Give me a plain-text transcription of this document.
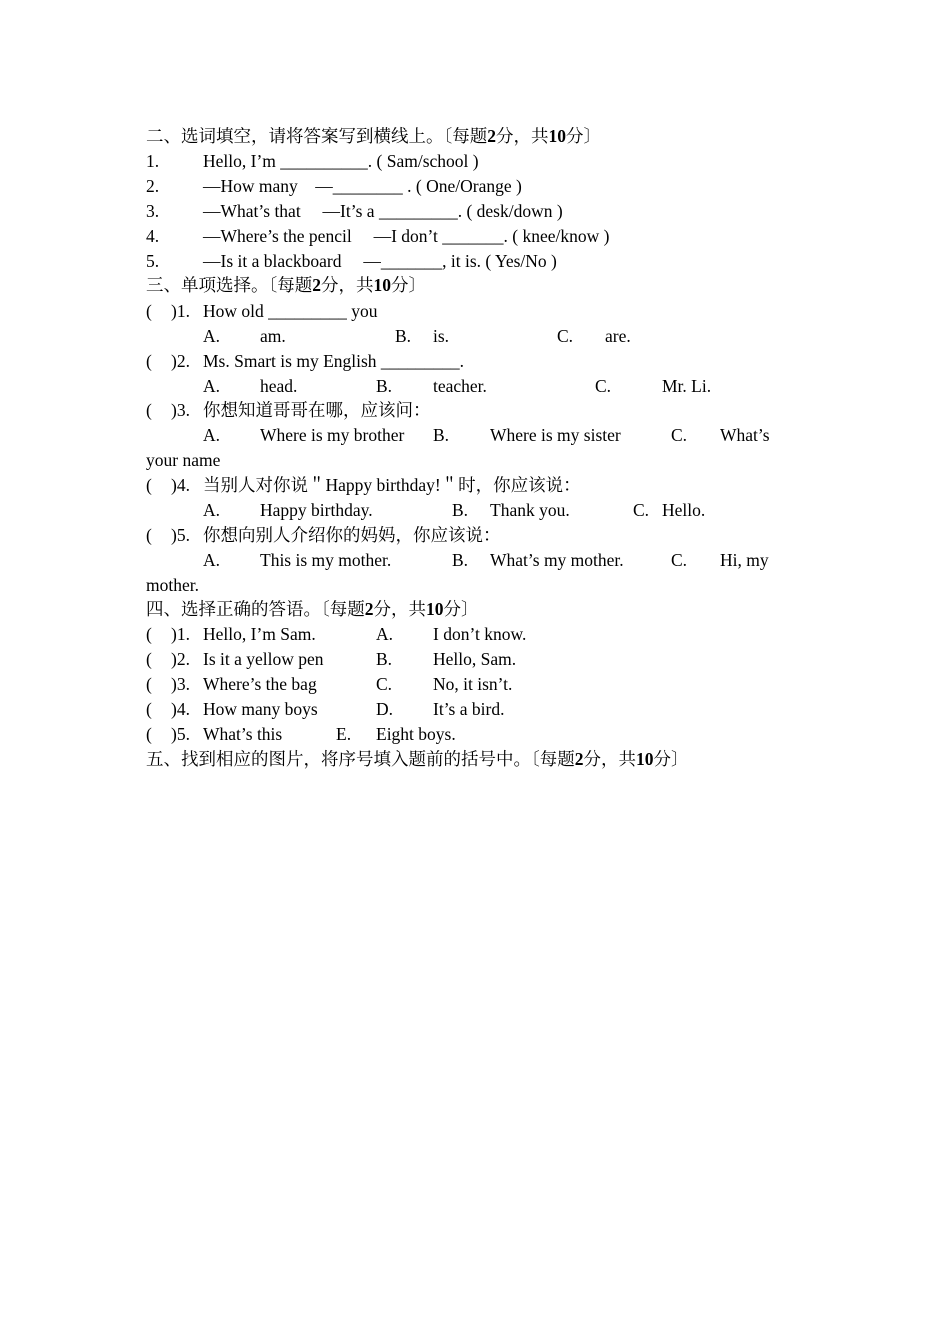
二、选词填空，请将答案写到横线上。〔每题2分，共10分〕
1.	Hello, I’m __________. ( Sam/school )
2.	—How many    —________ . ( One/Orange )
3.	—What’s that     —It’s a _________. ( desk/down )
4.	—Where’s the pencil     —I don’t _______. ( knee/know )
5.	—Is it a blackboard     —_______, it is. ( Yes/No )
三、单项选择。〔每题2分，共10分〕
( )1. How old _________ you
A. am.	B. is.	C. are.
( )2. Ms. Smart is my English _________.
A. head.	B. teacher.	C.	Mr. Li.
( )3. 你想知道哥哥在哪，应该问：
A. Where is my brother B. Where is my sister	C. What’s
your name
( )4. 当别人对你说＂Happy birthday!＂时，你应该说：
A. Happy birthday.	B. Thank you.	C. Hello.
( )5. 你想向别人介绍你的妈妈，你应该说：
A. This is my mother.	B. What’s my mother.	C. Hi, my
mother.
四、选择正确的答语。〔每题2分，共10分〕
( )1. Hello, I’m Sam.	A. I don’t know.
( )2. Is it a yellow pen	B. Hello, Sam.
( )3. Where’s the bag	C. No, it isn’t.
( )4. How many boys	D. It’s a bird.
( )5. What’s this	E. Eight boys.
五、找到相应的图片，将序号填入题前的括号中。〔每题2分，共10分〕
